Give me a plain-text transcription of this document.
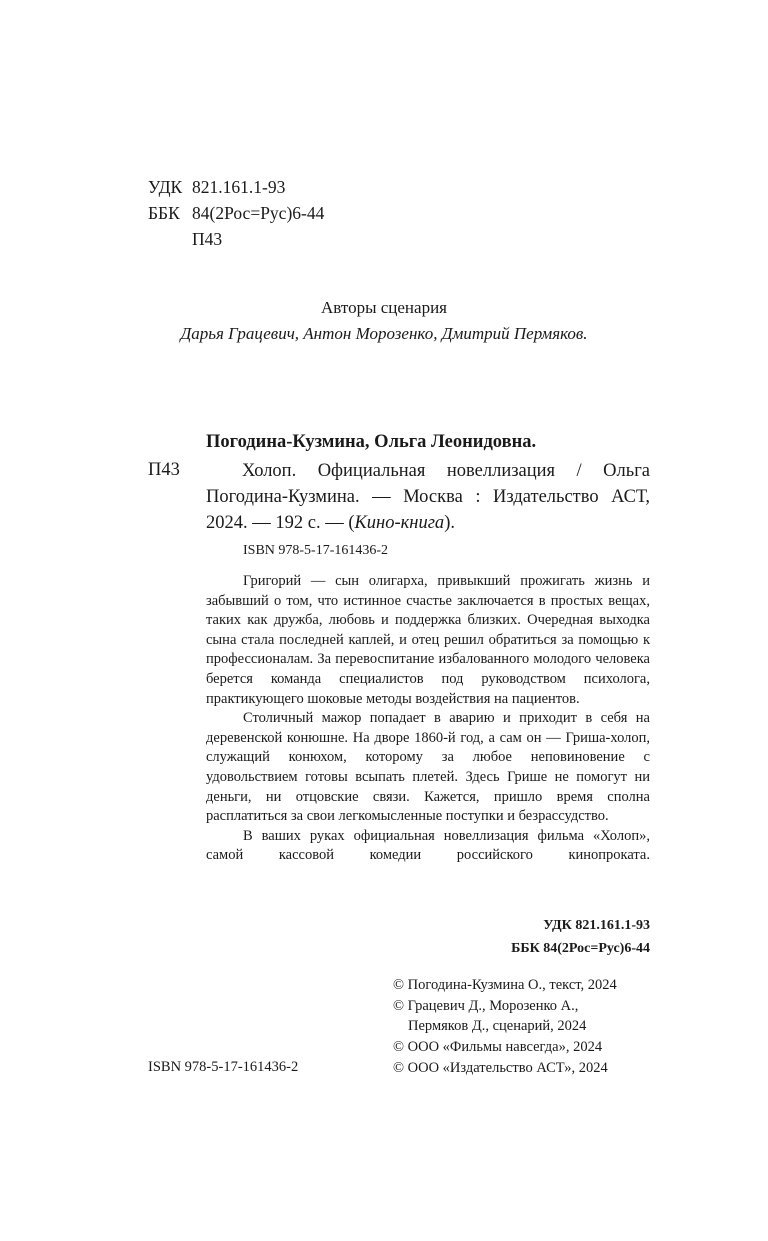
УДК 821.161.1-93
ББК 84(2Рос=Рус)6-44
П43
Авторы сценария
Дарья Грацевич, Антон Морозенко, Дмитрий Пермяков.
Погодина-Кузмина, Ольга Леонидовна.
П43	Холоп. Официальная новеллизация / Ольга Погодина-Кузмина. — Москва : Издательство АСТ, 2024. — 192 с. — (Кино-книга).
ISBN 978-5-17-161436-2

Григорий — сын олигарха, привыкший прожигать жизнь и забывший о том, что истинное счастье заключается в простых вещах, таких как дружба, любовь и поддержка близких. Очередная выходка сына стала последней каплей, и отец решил обратиться за помощью к профессионалам. За перевоспитание избалованного молодого человека берется команда специалистов под руководством психолога, практикующего шоковые методы воздействия на пациентов.

Столичный мажор попадает в аварию и приходит в себя на деревенской конюшне. На дворе 1860-й год, а сам он — Гриша-холоп, служащий конюхом, которому за любое неповиновение с удовольствием готовы всыпать плетей. Здесь Грише не помогут ни деньги, ни отцовские связи. Кажется, пришло время сполна расплатиться за свои легкомысленные поступки и безрассудство.

В ваших руках официальная новеллизация фильма «Холоп», самой кассовой комедии российского кинопроката.

УДК 821.161.1-93
ББК 84(2Рос=Рус)6-44
© Погодина-Кузмина О., текст, 2024
© Грацевич Д., Морозенко А.,
Пермяков Д., сценарий, 2024
© ООО «Фильмы навсегда», 2024
© ООО «Издательство АСТ», 2024
ISBN 978-5-17-161436-2
